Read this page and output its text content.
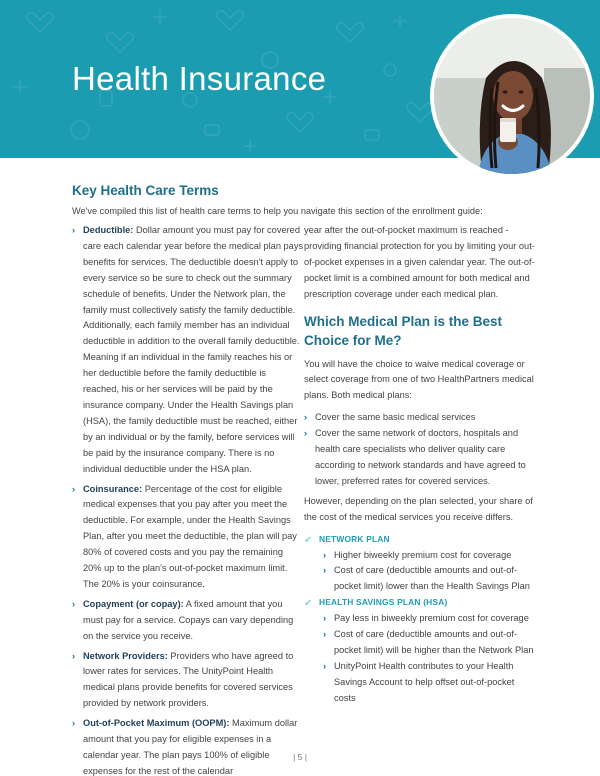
Health Insurance
Key Health Care Terms

We've compiled this list of health care terms to help you navigate this section of the enrollment guide:

› Deductible: Dollar amount you must pay for covered care each calendar year before the medical plan pays benefits for services. The deductible doesn't apply to every service so be sure to check out the summary schedule of benefits. Under the Network plan, the family must collectively satisfy the family deductible. Additionally, each family member has an individual deductible in addition to the overall family deductible. Meaning if an individual in the family reaches his or her deductible before the family deductible is reached, his or her services will be paid by the insurance company. Under the Health Savings plan (HSA), the family deductible must be reached, either by an individual or by the family, before services will be paid by the insurance company. There is no individual deductible under the HSA plan.
› Coinsurance: Percentage of the cost for eligible medical expenses that you pay after you meet the deductible. For example, under the Health Savings Plan, after you meet the deductible, the plan will pay 80% of covered costs and you pay the remaining 20% up to the plan's out-of-pocket maximum limit. The 20% is your coinsurance.
› Copayment (or copay): A fixed amount that you must pay for a service. Copays can vary depending on the service you receive.
› Network Providers: Providers who have agreed to lower rates for services. The UnityPoint Health medical plans provide benefits for covered services provided by network providers.
› Out-of-Pocket Maximum (OOPM): Maximum dollar amount that you pay for eligible expenses in a calendar year. The plan pays 100% of eligible expenses for the rest of the calendar

year after the out-of-pocket maximum is reached - providing financial protection for you by limiting your out-of-pocket expenses in a given calendar year. The out-of-pocket limit is a combined amount for both medical and prescription coverage under each medical plan.

Which Medical Plan is the Best Choice for Me?

You will have the choice to waive medical coverage or select coverage from one of two HealthPartners medical plans. Both medical plans:

› Cover the same basic medical services
› Cover the same network of doctors, hospitals and health care specialists who deliver quality care according to network standards and have agreed to lower, preferred rates for covered services.

However, depending on the plan selected, your share of the cost of the medical services you receive differs.

✔ NETWORK PLAN
› Higher biweekly premium cost for coverage
› Cost of care (deductible amounts and out-of-pocket limit) lower than the Health Savings Plan
✔ HEALTH SAVINGS PLAN (HSA)
› Pay less in biweekly premium cost for coverage
› Cost of care (deductible amounts and out-of-pocket limit) will be higher than the Network Plan
› UnityPoint Health contributes to your Health Savings Account to help offset out-of-pocket costs
| 5 |
